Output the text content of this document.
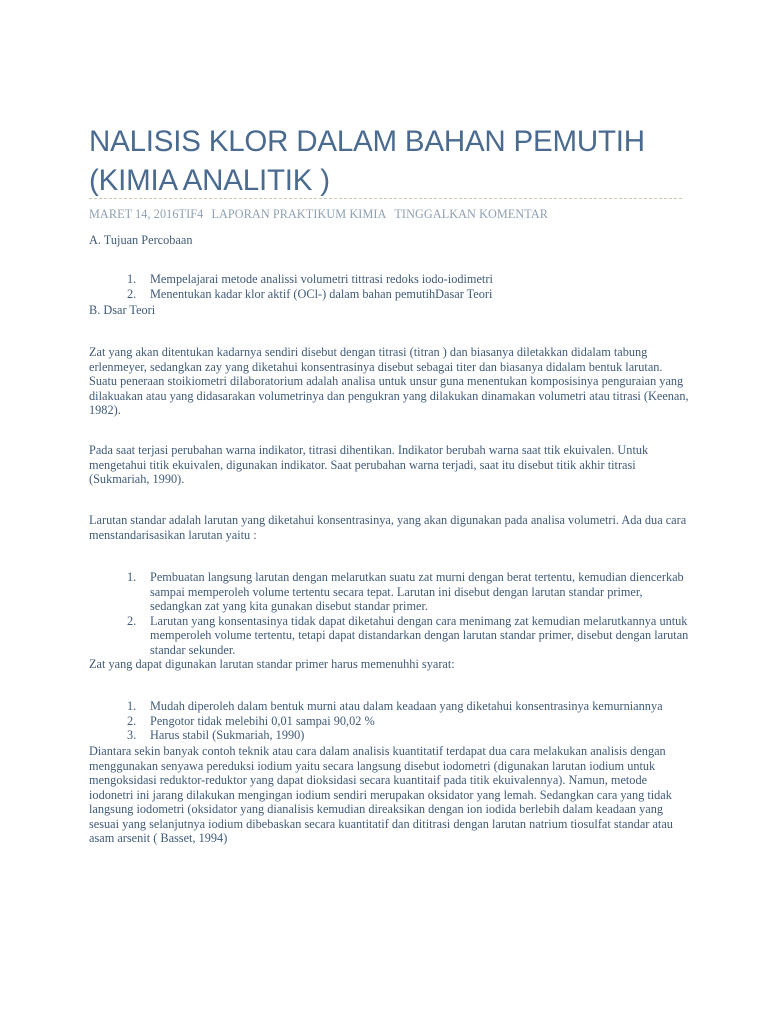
NALISIS KLOR DALAM BAHAN PEMUTIH (KIMIA ANALITIK )
MARET 14, 2016TIF4 LAPORAN PRAKTIKUM KIMIA TINGGALKAN KOMENTAR

A. Tujuan Percobaan

1. Mempelajarai metode analissi volumetri tittrasi redoks iodo-iodimetri
2. Menentukan kadar klor aktif (OCl-) dalam bahan pemutihDasar Teori

B. Dsar Teori

Zat yang akan ditentukan kadarnya sendiri disebut dengan titrasi (titran ) dan biasanya diletakkan didalam tabung erlenmeyer, sedangkan zay yang diketahui konsentrasinya disebut sebagai titer dan biasanya didalam bentuk larutan. Suatu peneraan stoikiometri dilaboratorium adalah analisa untuk unsur guna menentukan komposisinya penguraian yang dilakuakan atau yang didasarakan volumetrinya dan pengukran yang dilakukan dinamakan volumetri atau titrasi (Keenan, 1982).

Pada saat terjasi perubahan warna indikator, titrasi dihentikan. Indikator berubah warna saat ttik ekuivalen. Untuk mengetahui titik ekuivalen, digunakan indikator. Saat perubahan warna terjadi, saat itu disebut titik akhir titrasi (Sukmariah, 1990).

Larutan standar adalah larutan yang diketahui konsentrasinya, yang akan digunakan pada analisa volumetri. Ada dua cara menstandarisasikan larutan yaitu :

1. Pembuatan langsung larutan dengan melarutkan suatu zat murni dengan berat tertentu, kemudian diencerkab sampai memperoleh volume tertentu secara tepat. Larutan ini disebut dengan larutan standar primer, sedangkan zat yang kita gunakan disebut standar primer.
2. Larutan yang konsentasinya tidak dapat diketahui dengan cara menimang zat kemudian melarutkannya untuk memperoleh volume tertentu, tetapi dapat distandarkan dengan larutan standar primer, disebut dengan larutan standar sekunder.

Zat yang dapat digunakan larutan standar primer harus memenuhhi syarat:

1. Mudah diperoleh dalam bentuk murni atau dalam keadaan yang diketahui konsentrasinya kemurniannya
2. Pengotor tidak melebihi 0,01 sampai 90,02 %
3. Harus stabil (Sukmariah, 1990)

Diantara sekin banyak contoh teknik atau cara dalam analisis kuantitatif terdapat dua cara melakukan analisis dengan menggunakan senyawa pereduksi iodium yaitu secara langsung disebut iodometri (digunakan larutan iodium untuk mengoksidasi reduktor-reduktor yang dapat dioksidasi secara kuantitaif pada titik ekuivalennya). Namun, metode iodonetri ini jarang dilakukan mengingan iodium sendiri merupakan oksidator yang lemah. Sedangkan cara yang tidak langsung iodometri (oksidator yang dianalisis kemudian direaksikan dengan ion iodida berlebih dalam keadaan yang sesuai yang selanjutnya iodium dibebaskan secara kuantitatif dan dititrasi dengan larutan natrium tiosulfat standar atau asam arsenit ( Basset, 1994)
